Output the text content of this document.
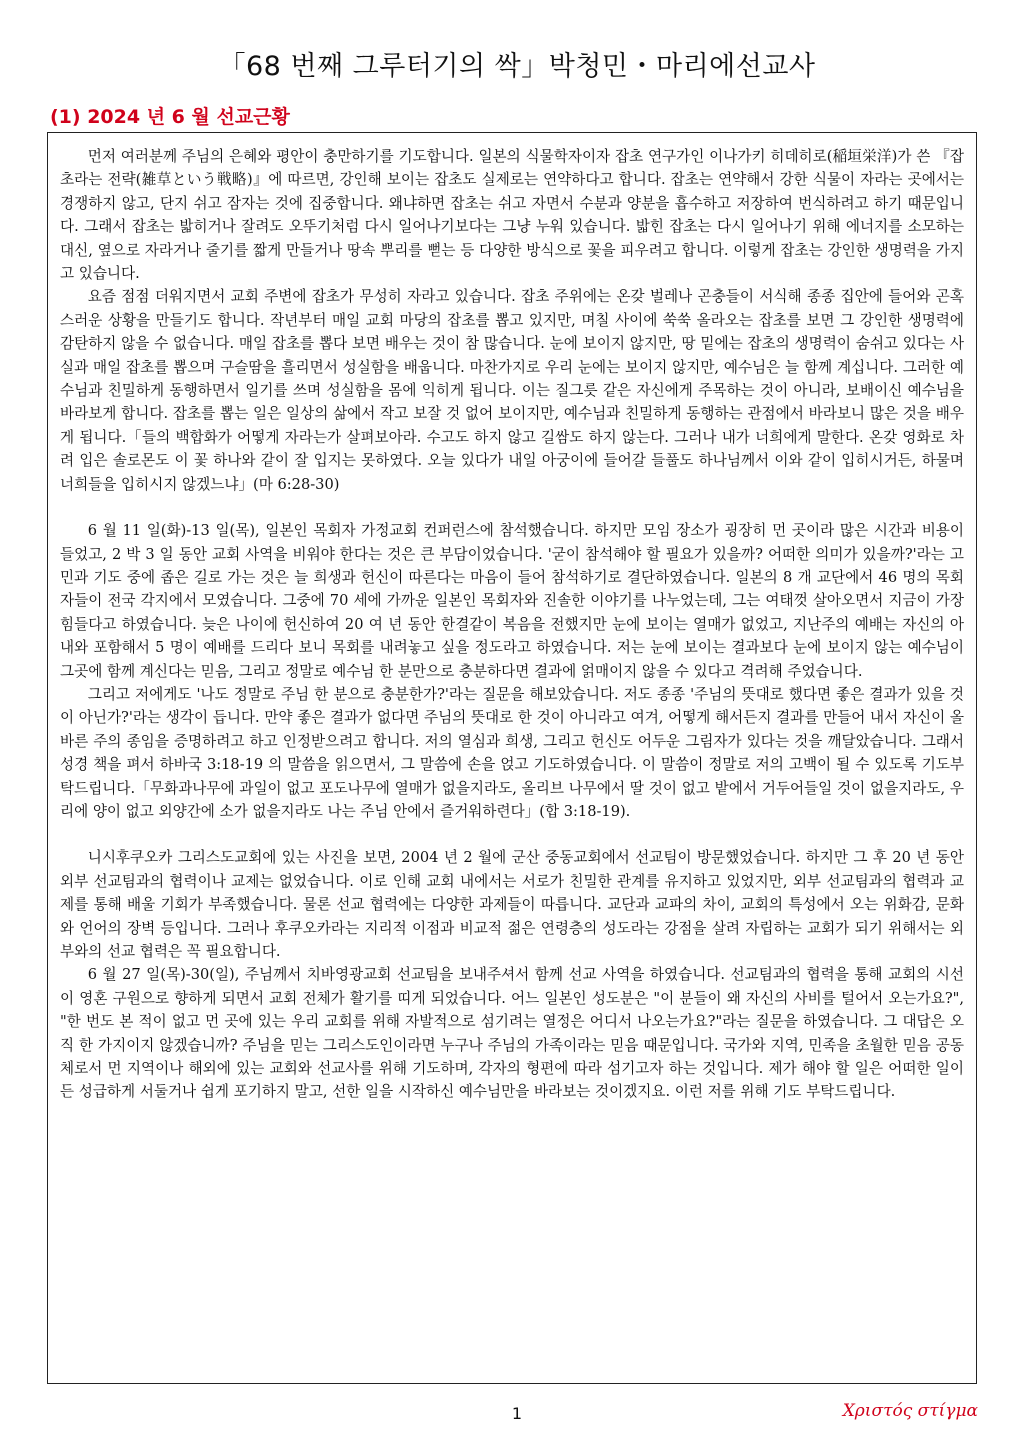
「68 번째 그루터기의 싹」박청민・마리에선교사
(1) 2024 년 6 월 선교근황

먼저 여러분께 주님의 은혜와 평안이 충만하기를 기도합니다. 일본의 식물학자이자 잡초 연구가인 이나가키 히데히로(稲垣栄洋)가 쓴 『잡초라는 전략(雑草という戦略)』에 따르면, 강인해 보이는 잡초도 실제로는 연약하다고 합니다. 잡초는 연약해서 강한 식물이 자라는 곳에서는 경쟁하지 않고, 단지 쉬고 잠자는 것에 집중합니다. 왜냐하면 잡초는 쉬고 자면서 수분과 양분을 흡수하고 저장하여 번식하려고 하기 때문입니다. 그래서 잡초는 밟히거나 잘려도 오뚜기처럼 다시 일어나기보다는 그냥 누워 있습니다. 밟힌 잡초는 다시 일어나기 위해 에너지를 소모하는 대신, 옆으로 자라거나 줄기를 짧게 만들거나 땅속 뿌리를 뻗는 등 다양한 방식으로 꽃을 피우려고 합니다. 이렇게 잡초는 강인한 생명력을 가지고 있습니다.

요즘 점점 더워지면서 교회 주변에 잡초가 무성히 자라고 있습니다. 잡초 주위에는 온갖 벌레나 곤충들이 서식해 종종 집안에 들어와 곤혹스러운 상황을 만들기도 합니다. 작년부터 매일 교회 마당의 잡초를 뽑고 있지만, 며칠 사이에 쑥쑥 올라오는 잡초를 보면 그 강인한 생명력에 감탄하지 않을 수 없습니다. 매일 잡초를 뽑다 보면 배우는 것이 참 많습니다. 눈에 보이지 않지만, 땅 밑에는 잡초의 생명력이 숨쉬고 있다는 사실과 매일 잡초를 뽑으며 구슬땀을 흘리면서 성실함을 배웁니다. 마찬가지로 우리 눈에는 보이지 않지만, 예수님은 늘 함께 계십니다. 그러한 예수님과 친밀하게 동행하면서 일기를 쓰며 성실함을 몸에 익히게 됩니다. 이는 질그릇 같은 자신에게 주목하는 것이 아니라, 보배이신 예수님을 바라보게 합니다. 잡초를 뽑는 일은 일상의 삶에서 작고 보잘 것 없어 보이지만, 예수님과 친밀하게 동행하는 관점에서 바라보니 많은 것을 배우게 됩니다.「들의 백합화가 어떻게 자라는가 살펴보아라. 수고도 하지 않고 길쌈도 하지 않는다. 그러나 내가 너희에게 말한다. 온갖 영화로 차려 입은 솔로몬도 이 꽃 하나와 같이 잘 입지는 못하였다. 오늘 있다가 내일 아궁이에 들어갈 들풀도 하나님께서 이와 같이 입히시거든, 하물며 너희들을 입히시지 않겠느냐」(마 6:28-30)

6 월 11 일(화)-13 일(목), 일본인 목회자 가정교회 컨퍼런스에 참석했습니다. 하지만 모임 장소가 굉장히 먼 곳이라 많은 시간과 비용이 들었고, 2 박 3 일 동안 교회 사역을 비워야 한다는 것은 큰 부담이었습니다. '굳이 참석해야 할 필요가 있을까? 어떠한 의미가 있을까?'라는 고민과 기도 중에 좁은 길로 가는 것은 늘 희생과 헌신이 따른다는 마음이 들어 참석하기로 결단하였습니다. 일본의 8 개 교단에서 46 명의 목회자들이 전국 각지에서 모였습니다. 그중에 70 세에 가까운 일본인 목회자와 진솔한 이야기를 나누었는데, 그는 여태껏 살아오면서 지금이 가장 힘들다고 하였습니다. 늦은 나이에 헌신하여 20 여 년 동안 한결같이 복음을 전했지만 눈에 보이는 열매가 없었고, 지난주의 예배는 자신의 아내와 포함해서 5 명이 예배를 드리다 보니 목회를 내려놓고 싶을 정도라고 하였습니다. 저는 눈에 보이는 결과보다 눈에 보이지 않는 예수님이 그곳에 함께 계신다는 믿음, 그리고 정말로 예수님 한 분만으로 충분하다면 결과에 얽매이지 않을 수 있다고 격려해 주었습니다.

그리고 저에게도 '나도 정말로 주님 한 분으로 충분한가?'라는 질문을 해보았습니다. 저도 종종 '주님의 뜻대로 했다면 좋은 결과가 있을 것이 아닌가?'라는 생각이 듭니다. 만약 좋은 결과가 없다면 주님의 뜻대로 한 것이 아니라고 여겨, 어떻게 해서든지 결과를 만들어 내서 자신이 올바른 주의 종임을 증명하려고 하고 인정받으려고 합니다. 저의 열심과 희생, 그리고 헌신도 어두운 그림자가 있다는 것을 깨달았습니다. 그래서 성경 책을 펴서 하바국 3:18-19 의 말씀을 읽으면서, 그 말씀에 손을 얹고 기도하였습니다. 이 말씀이 정말로 저의 고백이 될 수 있도록 기도부탁드립니다.「무화과나무에 과일이 없고 포도나무에 열매가 없을지라도, 올리브 나무에서 딸 것이 없고 밭에서 거두어들일 것이 없을지라도, 우리에 양이 없고 외양간에 소가 없을지라도 나는 주님 안에서 즐거워하련다」(합 3:18-19).

니시후쿠오카 그리스도교회에 있는 사진을 보면, 2004 년 2 월에 군산 중동교회에서 선교팀이 방문했었습니다. 하지만 그 후 20 년 동안 외부 선교팀과의 협력이나 교제는 없었습니다. 이로 인해 교회 내에서는 서로가 친밀한 관계를 유지하고 있었지만, 외부 선교팀과의 협력과 교제를 통해 배울 기회가 부족했습니다. 물론 선교 협력에는 다양한 과제들이 따릅니다. 교단과 교파의 차이, 교회의 특성에서 오는 위화감, 문화와 언어의 장벽 등입니다. 그러나 후쿠오카라는 지리적 이점과 비교적 젊은 연령층의 성도라는 강점을 살려 자립하는 교회가 되기 위해서는 외부와의 선교 협력은 꼭 필요합니다.

6 월 27 일(목)-30(일), 주님께서 치바영광교회 선교팀을 보내주셔서 함께 선교 사역을 하였습니다. 선교팀과의 협력을 통해 교회의 시선이 영혼 구원으로 향하게 되면서 교회 전체가 활기를 띠게 되었습니다. 어느 일본인 성도분은 "이 분들이 왜 자신의 사비를 털어서 오는가요?", "한 번도 본 적이 없고 먼 곳에 있는 우리 교회를 위해 자발적으로 섬기려는 열정은 어디서 나오는가요?"라는 질문을 하였습니다. 그 대답은 오직 한 가지이지 않겠습니까? 주님을 믿는 그리스도인이라면 누구나 주님의 가족이라는 믿음 때문입니다. 국가와 지역, 민족을 초월한 믿음 공동체로서 먼 지역이나 해외에 있는 교회와 선교사를 위해 기도하며, 각자의 형편에 따라 섬기고자 하는 것입니다. 제가 해야 할 일은 어떠한 일이든 성급하게 서둘거나 쉽게 포기하지 말고, 선한 일을 시작하신 예수님만을 바라보는 것이겠지요. 이런 저를 위해 기도 부탁드립니다.

1	Χριστός στίγμα
